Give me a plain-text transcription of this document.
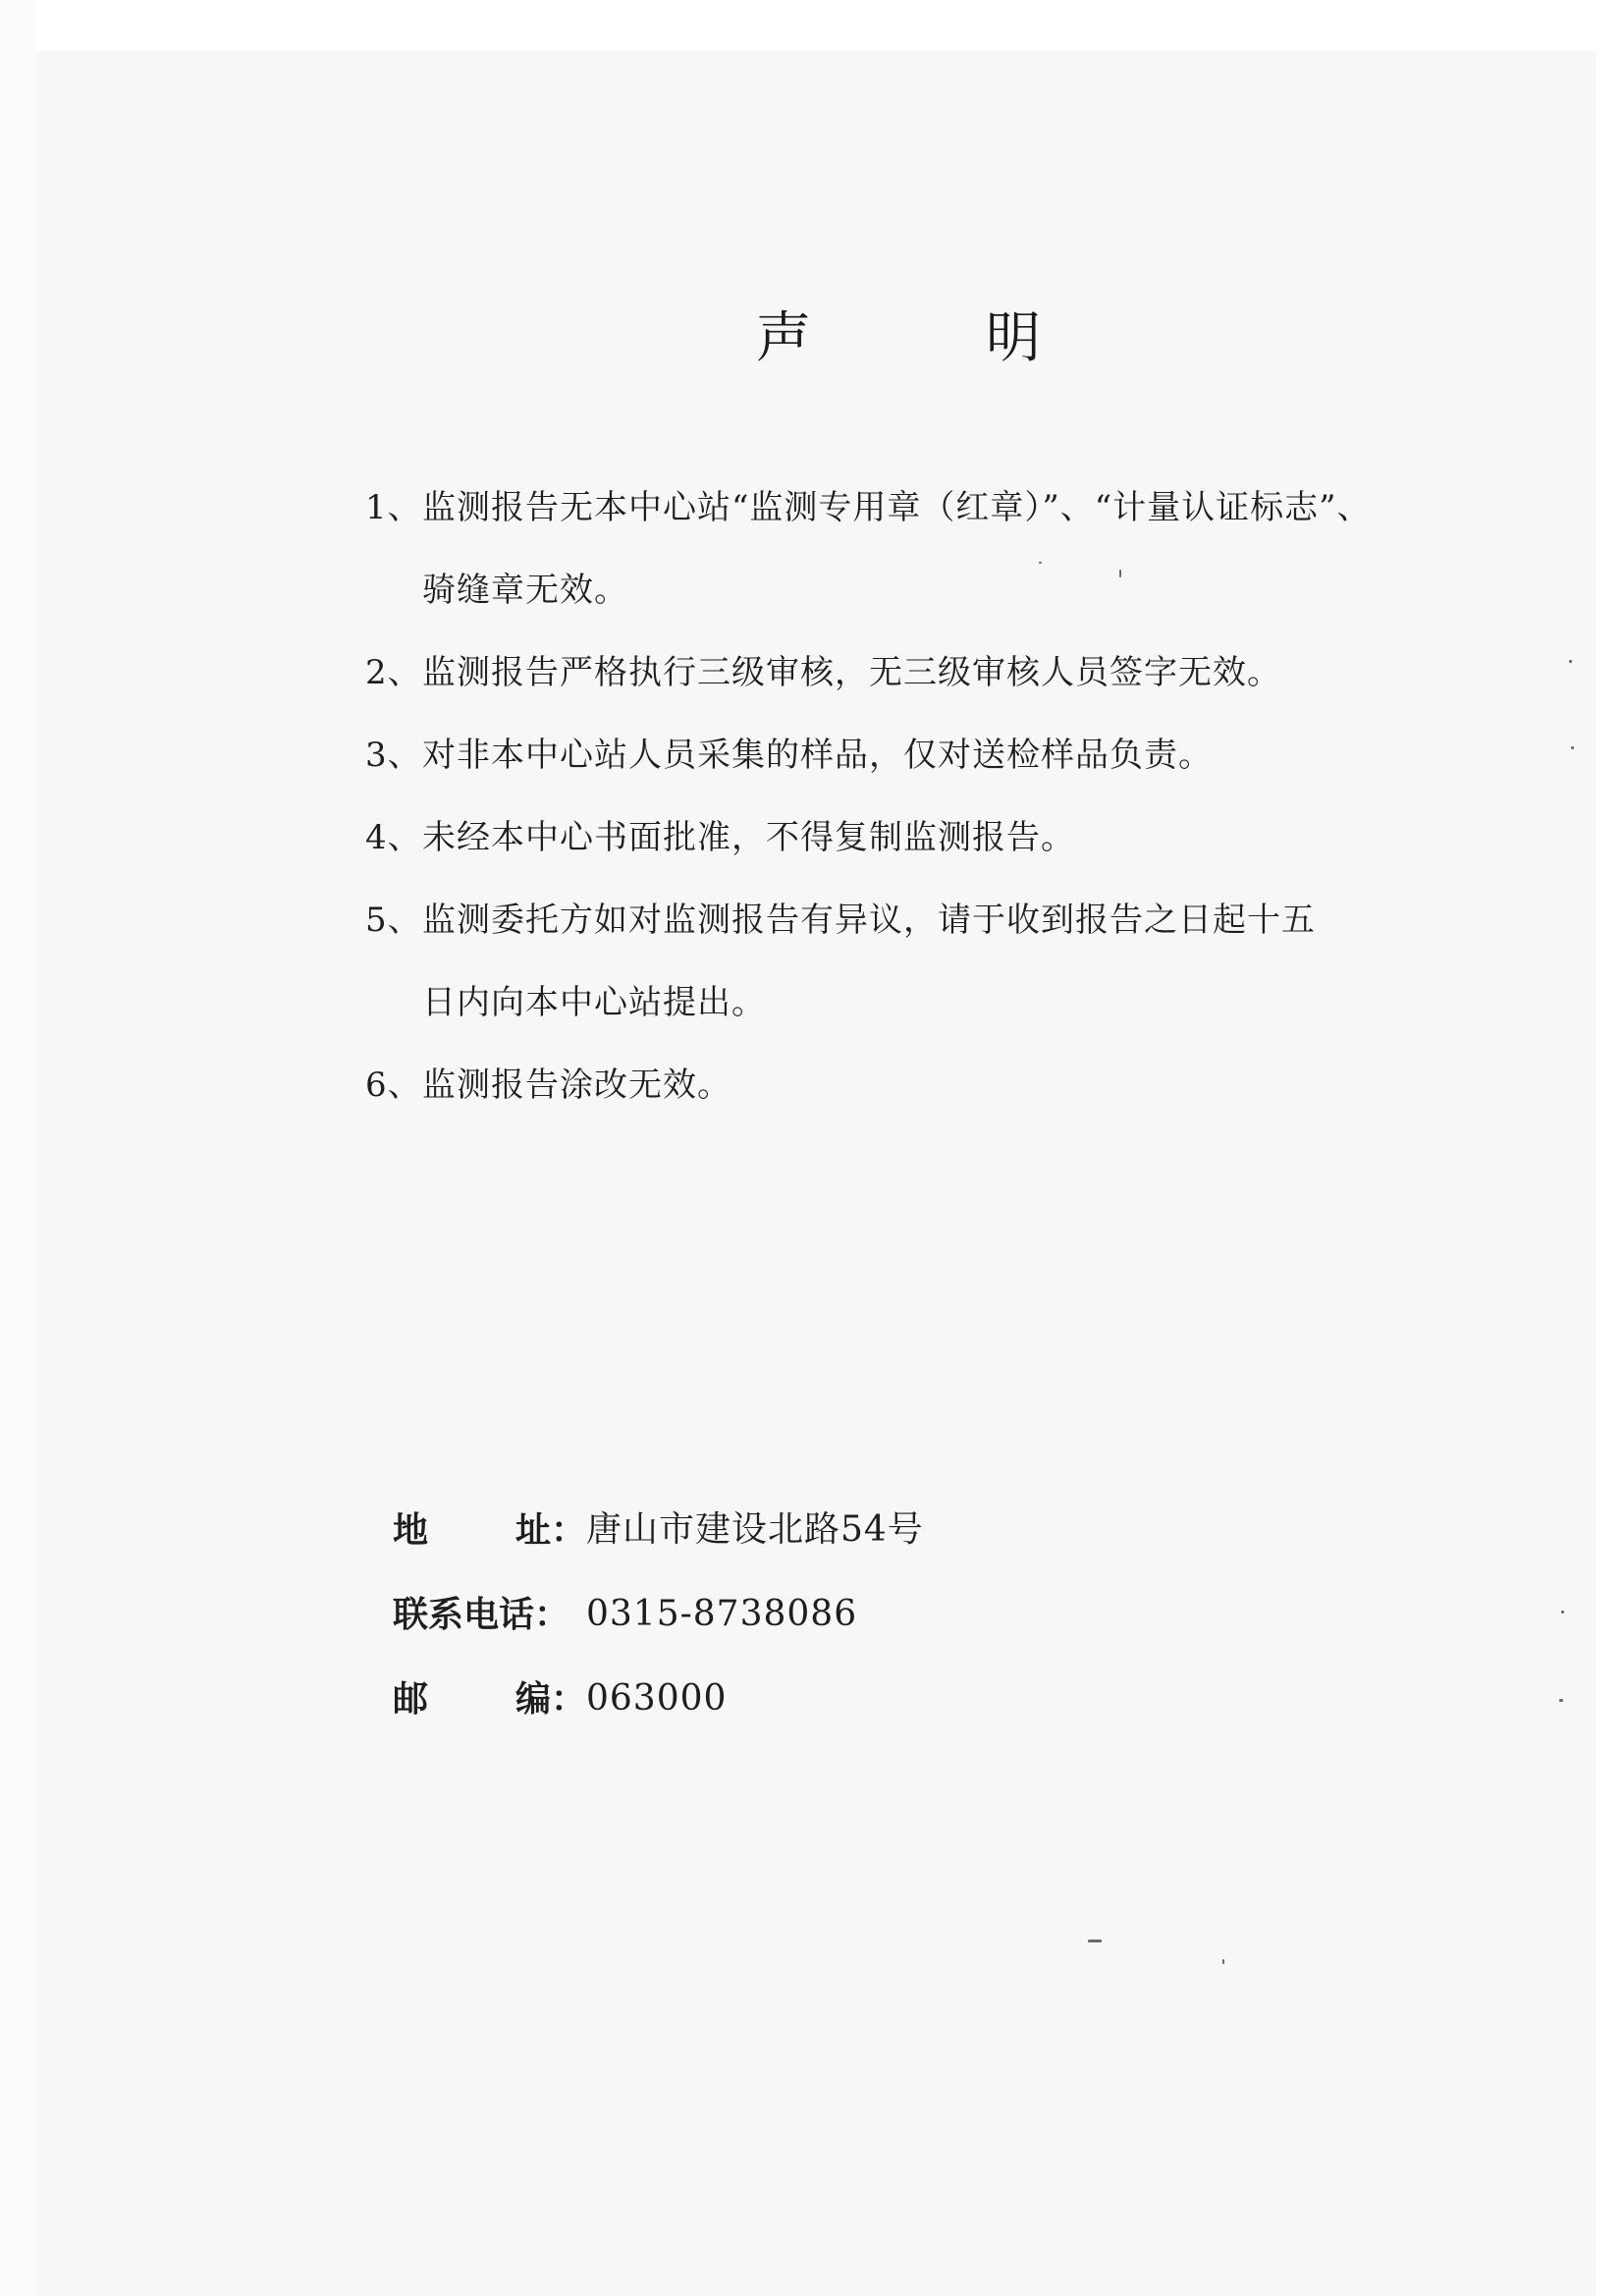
声	明
1、 监测报告无本中心站“监测专用章（红章）”、“计量认证标志”、
骑缝章无效。
2、 监测报告严格执行三级审核，无三级审核人员签字无效。
3、 对非本中心站人员采集的样品，仅对送检样品负责。
4、 未经本中心书面批准，不得复制监测报告。
5、 监测委托方如对监测报告有异议，请于收到报告之日起十五
日内向本中心站提出。
6、 监测报告涂改无效。
地 址： 唐山市建设北路54号
联系电话： 0315-8738086
邮 编： 063000
